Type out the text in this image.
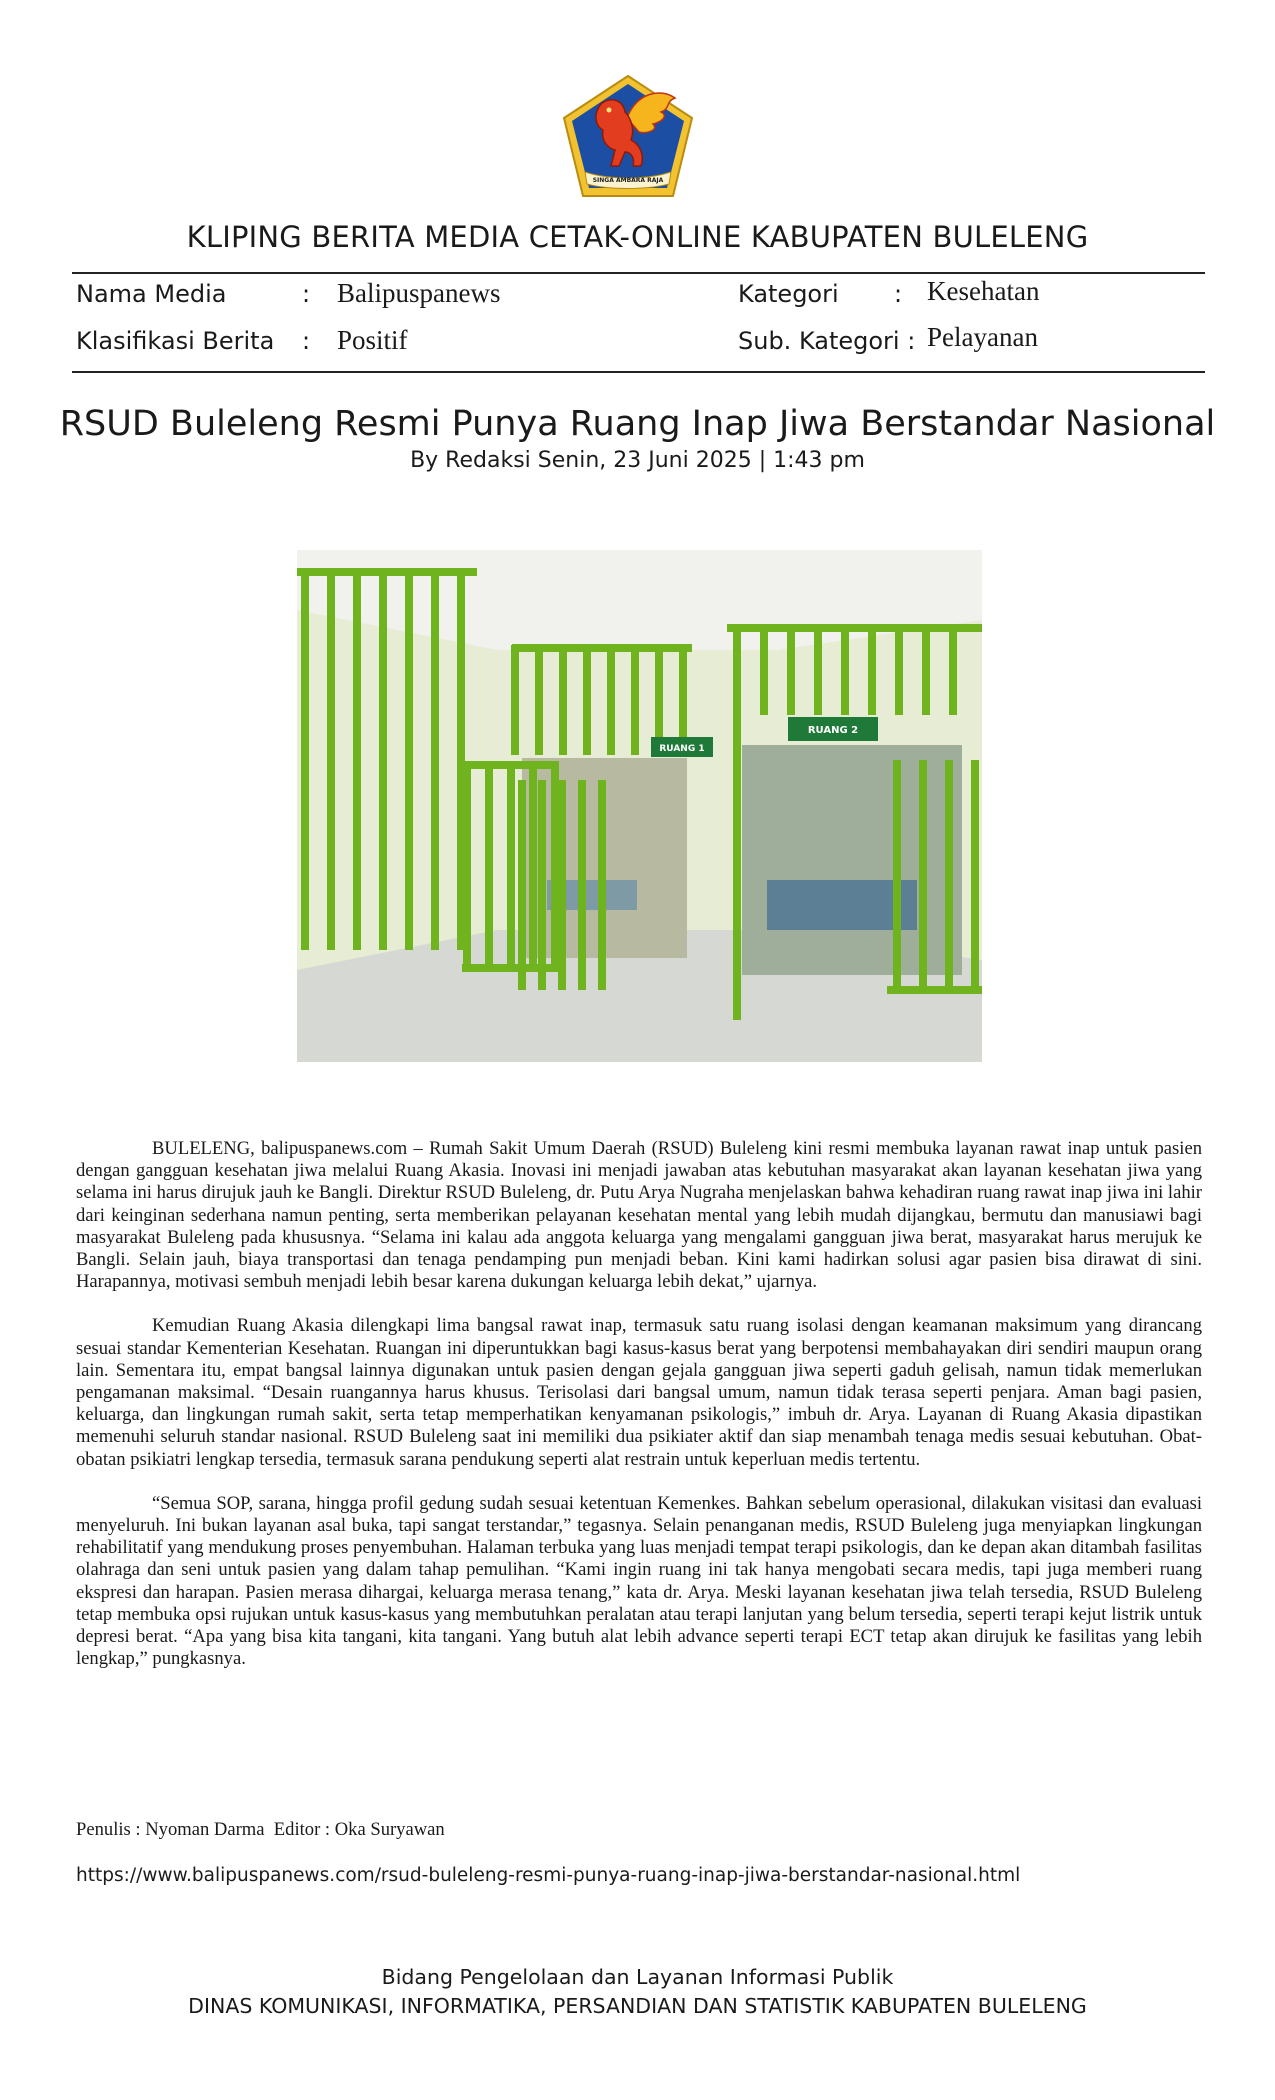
SINGA AMBARA RAJA
KLIPING BERITA MEDIA CETAK-ONLINE KABUPATEN BULELENG
Nama Media	: Balipuspanews	Kategori : Kesehatan
Klasifikasi Berita : Positif	Sub. Kategori : Pelayanan
RSUD Buleleng Resmi Punya Ruang Inap Jiwa Berstandar Nasional
By Redaksi Senin, 23 Juni 2025 | 1:43 pm
RUANG 1
RUANG 2

BULELENG, balipuspanews.com – Rumah Sakit Umum Daerah (RSUD) Buleleng kini resmi membuka layanan rawat inap untuk pasien dengan gangguan kesehatan jiwa melalui Ruang Akasia. Inovasi ini menjadi jawaban atas kebutuhan masyarakat akan layanan kesehatan jiwa yang selama ini harus dirujuk jauh ke Bangli. Direktur RSUD Buleleng, dr. Putu Arya Nugraha menjelaskan bahwa kehadiran ruang rawat inap jiwa ini lahir dari keinginan sederhana namun penting, serta memberikan pelayanan kesehatan mental yang lebih mudah dijangkau, bermutu dan manusiawi bagi masyarakat Buleleng pada khususnya. “Selama ini kalau ada anggota keluarga yang mengalami gangguan jiwa berat, masyarakat harus merujuk ke Bangli. Selain jauh, biaya transportasi dan tenaga pendamping pun menjadi beban. Kini kami hadirkan solusi agar pasien bisa dirawat di sini. Harapannya, motivasi sembuh menjadi lebih besar karena dukungan keluarga lebih dekat,” ujarnya.

Kemudian Ruang Akasia dilengkapi lima bangsal rawat inap, termasuk satu ruang isolasi dengan keamanan maksimum yang dirancang sesuai standar Kementerian Kesehatan. Ruangan ini diperuntukkan bagi kasus-kasus berat yang berpotensi membahayakan diri sendiri maupun orang lain. Sementara itu, empat bangsal lainnya digunakan untuk pasien dengan gejala gangguan jiwa seperti gaduh gelisah, namun tidak memerlukan pengamanan maksimal. “Desain ruangannya harus khusus. Terisolasi dari bangsal umum, namun tidak terasa seperti penjara. Aman bagi pasien, keluarga, dan lingkungan rumah sakit, serta tetap memperhatikan kenyamanan psikologis,” imbuh dr. Arya. Layanan di Ruang Akasia dipastikan memenuhi seluruh standar nasional. RSUD Buleleng saat ini memiliki dua psikiater aktif dan siap menambah tenaga medis sesuai kebutuhan. Obat-obatan psikiatri lengkap tersedia, termasuk sarana pendukung seperti alat restrain untuk keperluan medis tertentu.

“Semua SOP, sarana, hingga profil gedung sudah sesuai ketentuan Kemenkes. Bahkan sebelum operasional, dilakukan visitasi dan evaluasi menyeluruh. Ini bukan layanan asal buka, tapi sangat terstandar,” tegasnya. Selain penanganan medis, RSUD Buleleng juga menyiapkan lingkungan rehabilitatif yang mendukung proses penyembuhan. Halaman terbuka yang luas menjadi tempat terapi psikologis, dan ke depan akan ditambah fasilitas olahraga dan seni untuk pasien yang dalam tahap pemulihan. “Kami ingin ruang ini tak hanya mengobati secara medis, tapi juga memberi ruang ekspresi dan harapan. Pasien merasa dihargai, keluarga merasa tenang,” kata dr. Arya. Meski layanan kesehatan jiwa telah tersedia, RSUD Buleleng tetap membuka opsi rujukan untuk kasus-kasus yang membutuhkan peralatan atau terapi lanjutan yang belum tersedia, seperti terapi kejut listrik untuk depresi berat. “Apa yang bisa kita tangani, kita tangani. Yang butuh alat lebih advance seperti terapi ECT tetap akan dirujuk ke fasilitas yang lebih lengkap,” pungkasnya.

Penulis : Nyoman Darma  Editor : Oka Suryawan
https://www.balipuspanews.com/rsud-buleleng-resmi-punya-ruang-inap-jiwa-berstandar-nasional.html
Bidang Pengelolaan dan Layanan Informasi Publik
DINAS KOMUNIKASI, INFORMATIKA, PERSANDIAN DAN STATISTIK KABUPATEN BULELENG
